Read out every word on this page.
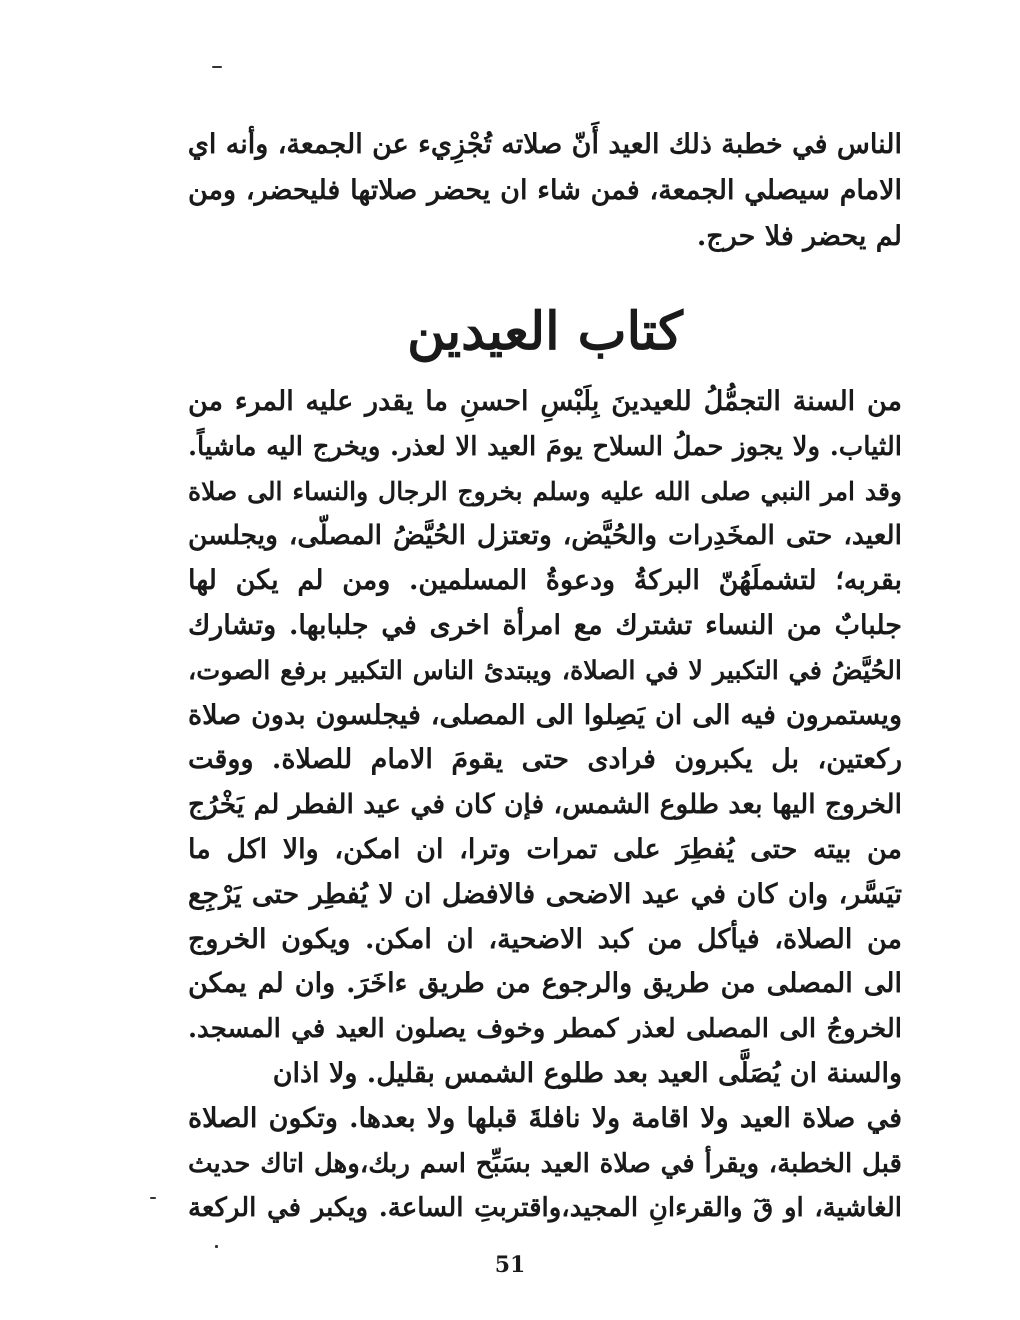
الناس في خطبة ذلك العيد أَنّ صلاته تُجْزِيء عن الجمعة، وأنه اي
الامام سيصلي الجمعة، فمن شاء ان يحضر صلاتها فليحضر، ومن
لم يحضر فلا حرج.
كتاب العيدين
من السنة التجمُّلُ للعيدينَ بِلَبْسِ احسنِ ما يقدر عليه المرء من
الثياب. ولا يجوز حملُ السلاح يومَ العيد الا لعذر. ويخرج اليه ماشياً.
وقد امر النبي صلى الله عليه وسلم بخروج الرجال والنساء الى صلاة
العيد، حتى المخَدِرات والحُيَّض، وتعتزل الحُيَّضُ المصلّى، ويجلسن
بقربه؛ لتشملَهُنّ البركةُ ودعوةُ المسلمين. ومن لم يكن لها
جلبابٌ من النساء تشترك مع امرأة اخرى في جلبابها. وتشارك
الحُيَّضُ في التكبير لا في الصلاة، ويبتدئ الناس التكبير برفع الصوت،
ويستمرون فيه الى ان يَصِلوا الى المصلى، فيجلسون بدون صلاة
ركعتين، بل يكبرون فرادى حتى يقومَ الامام للصلاة. ووقت
الخروج اليها بعد طلوع الشمس، فإن كان في عيد الفطر لم يَخْرُج
من بيته حتى يُفطِرَ على تمرات وترا، ان امكن، والا اكل ما
تيَسَّر، وان كان في عيد الاضحى فالافضل ان لا يُفطِر حتى يَرْجِع
من الصلاة، فيأكل من كبد الاضحية، ان امكن. ويكون الخروج
الى المصلى من طريق والرجوع من طريق ءاخَرَ. وان لم يمكن
الخروجُ الى المصلى لعذر كمطر وخوف يصلون العيد في المسجد.
والسنة ان يُصَلَّى العيد بعد طلوع الشمس بقليل. ولا اذان
في صلاة العيد ولا اقامة ولا نافلةَ قبلها ولا بعدها. وتكون الصلاة
قبل الخطبة، ويقرأ في صلاة العيد بسَبِّح اسم ربك،وهل اتاك حديث
الغاشية، او قٓ والقرءانِ المجيد،واقتربتِ الساعة. ويكبر في الركعة
51
